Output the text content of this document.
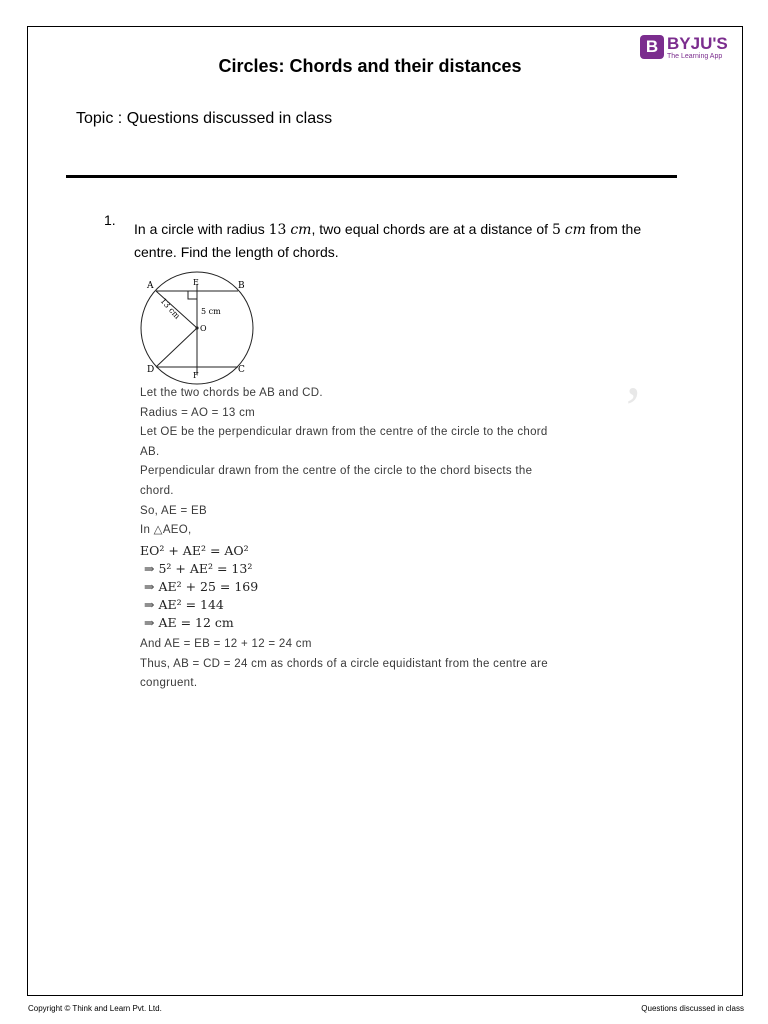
Circles: Chords and their distances
B BYJU'S
The Learning App
Topic : Questions discussed in class
1.
In a circle with radius 13 cm, two equal chords are at a distance of 5 cm from the centre. Find the length of chords.
A	B
E
O
5 cm
13 cm
D	C
F	,
Let the two chords be AB and CD.
Radius = AO = 13 cm
Let OE be the perpendicular drawn from the centre of the circle to the chord
AB.
Perpendicular drawn from the centre of the circle to the chord bisects the
chord.
So, AE = EB
In △AEO,
EO² + AE² = AO²
⇒ 5² + AE² = 13²
⇒ AE² + 25 = 169
⇒ AE² = 144
⇒ AE = 12 cm
And AE = EB = 12 + 12 = 24 cm
Thus, AB = CD = 24 cm as chords of a circle equidistant from the centre are
congruent.
Copyright © Think and Learn Pvt. Ltd.	Questions discussed in class
